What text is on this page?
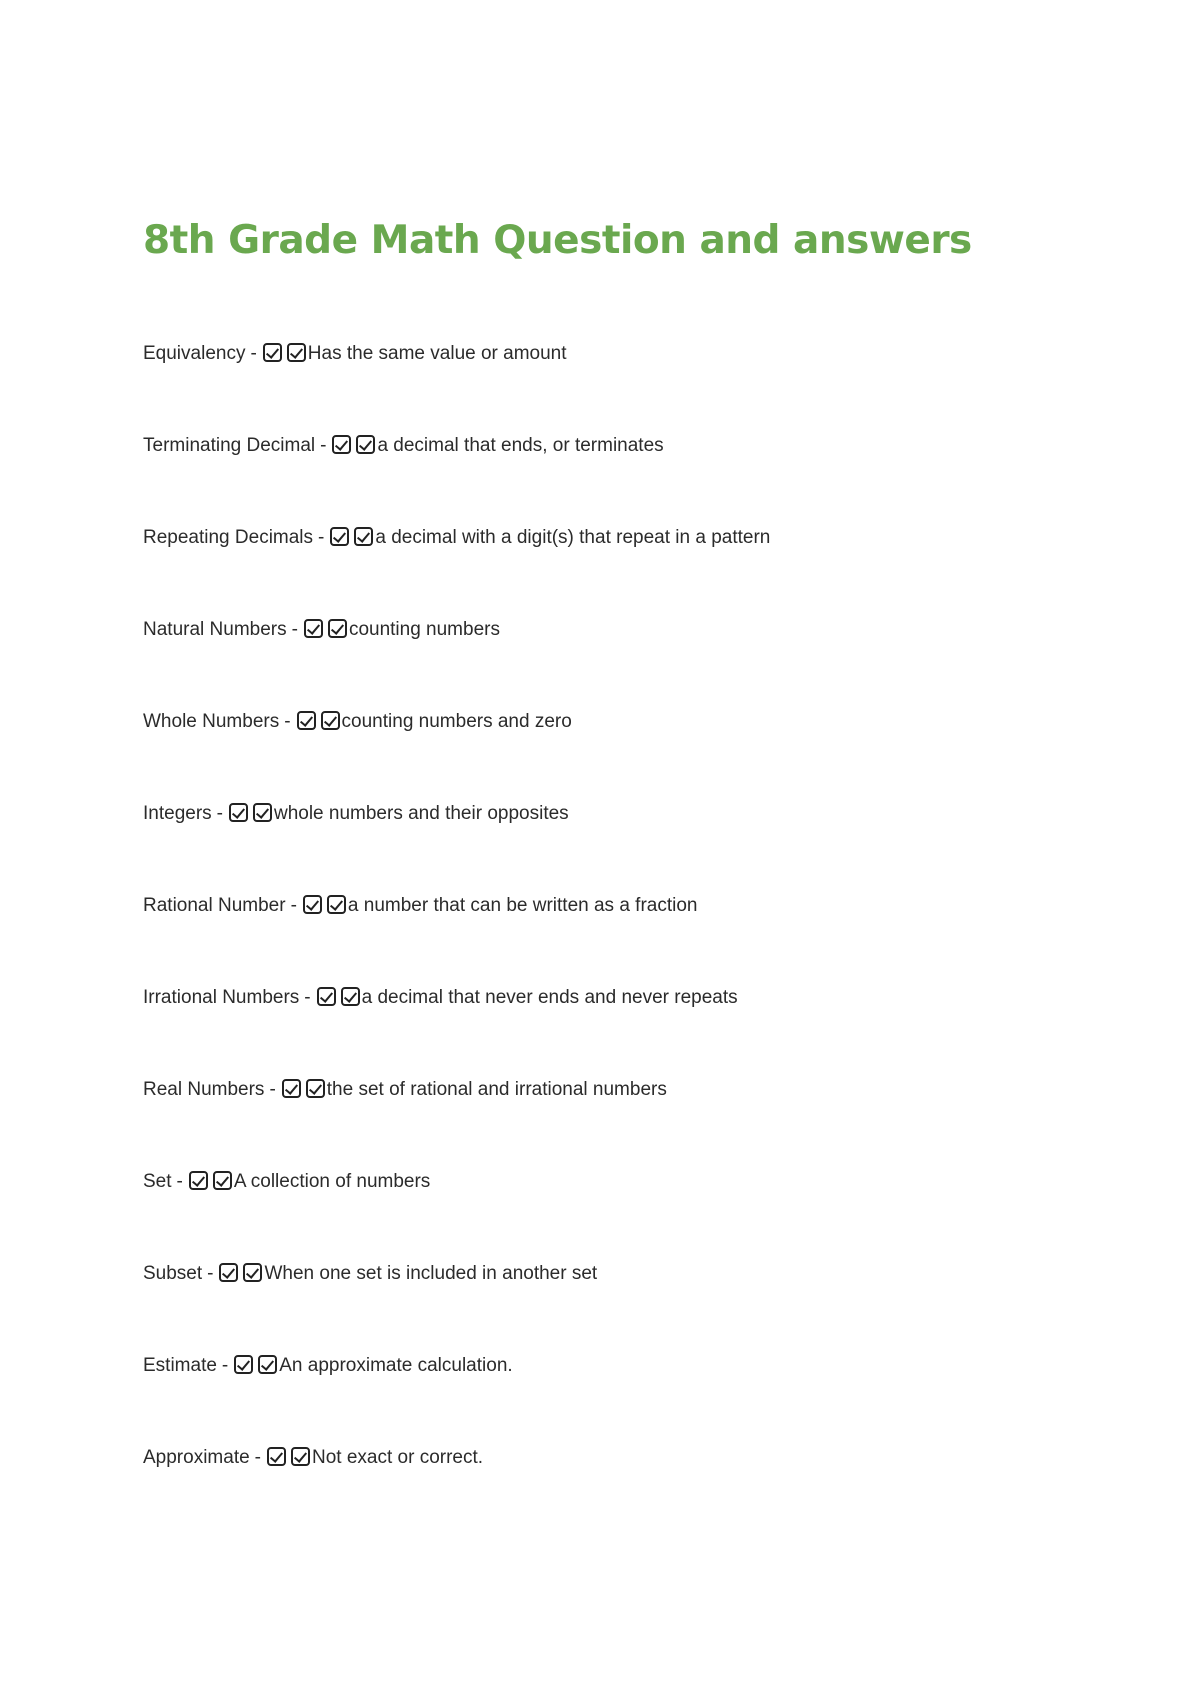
8th Grade Math Question and answers
Equivalency -	Has the same value or amount
Terminating Decimal -	a decimal that ends, or terminates
Repeating Decimals -	a decimal with a digit(s) that repeat in a pattern
Natural Numbers -	counting numbers
Whole Numbers -	counting numbers and zero
Integers -	whole numbers and their opposites
Rational Number -	a number that can be written as a fraction
Irrational Numbers -	a decimal that never ends and never repeats
Real Numbers -	the set of rational and irrational numbers
Set -	A collection of numbers
Subset -	When one set is included in another set
Estimate -	An approximate calculation.
Approximate -	Not exact or correct.
